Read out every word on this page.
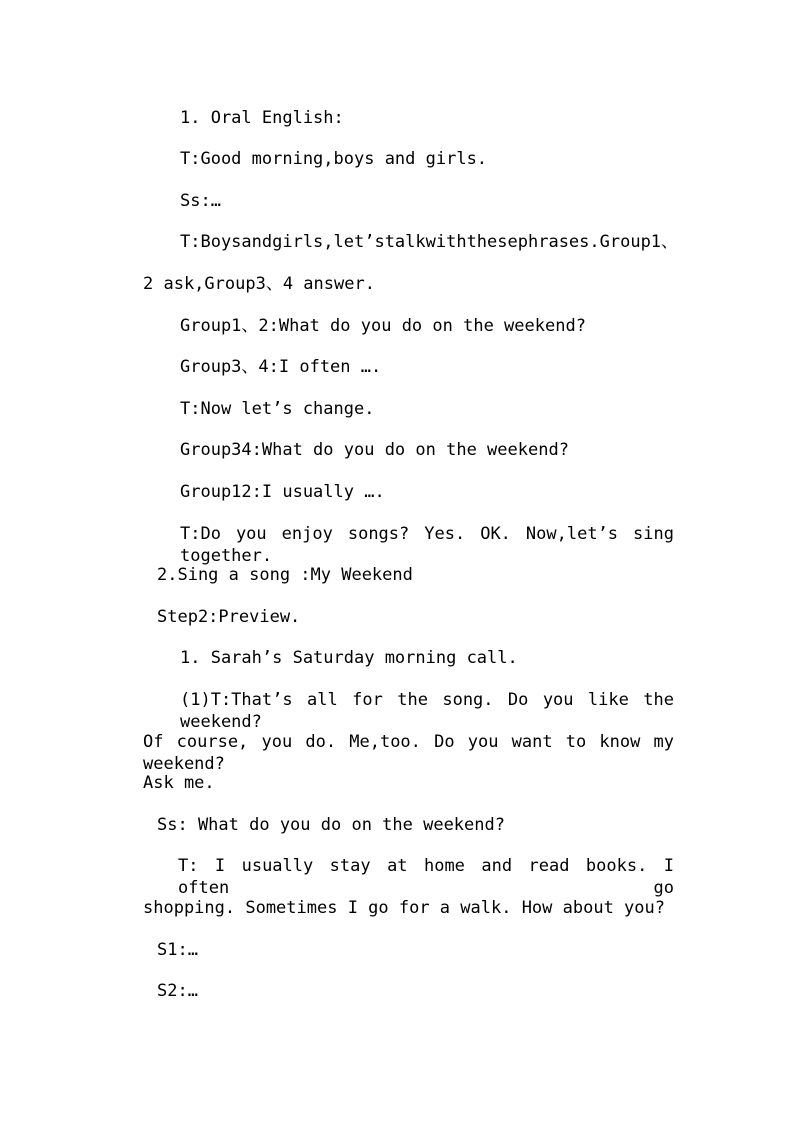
1. Oral English:
T:Good morning,boys and girls.
Ss:…
T:Boysandgirls,let’stalkwiththesephrases.Group1、
2 ask,Group3、4 answer.
Group1、2:What do you do on the weekend?
Group3、4:I often ….
T:Now let’s change.
Group34:What do you do on the weekend?
Group12:I usually ….
T:Do you enjoy songs? Yes. OK. Now,let’s sing together.
2.Sing a song :My Weekend
Step2:Preview.
1. Sarah’s Saturday morning call.
(1)T:That’s all for the song. Do you like the weekend?
Of course, you do. Me,too. Do you want to know my weekend?
Ask me.
Ss: What do you do on the weekend?
T: I usually stay at home and read books. I often go
shopping. Sometimes I go for a walk. How about you?
S1:…
S2:…
